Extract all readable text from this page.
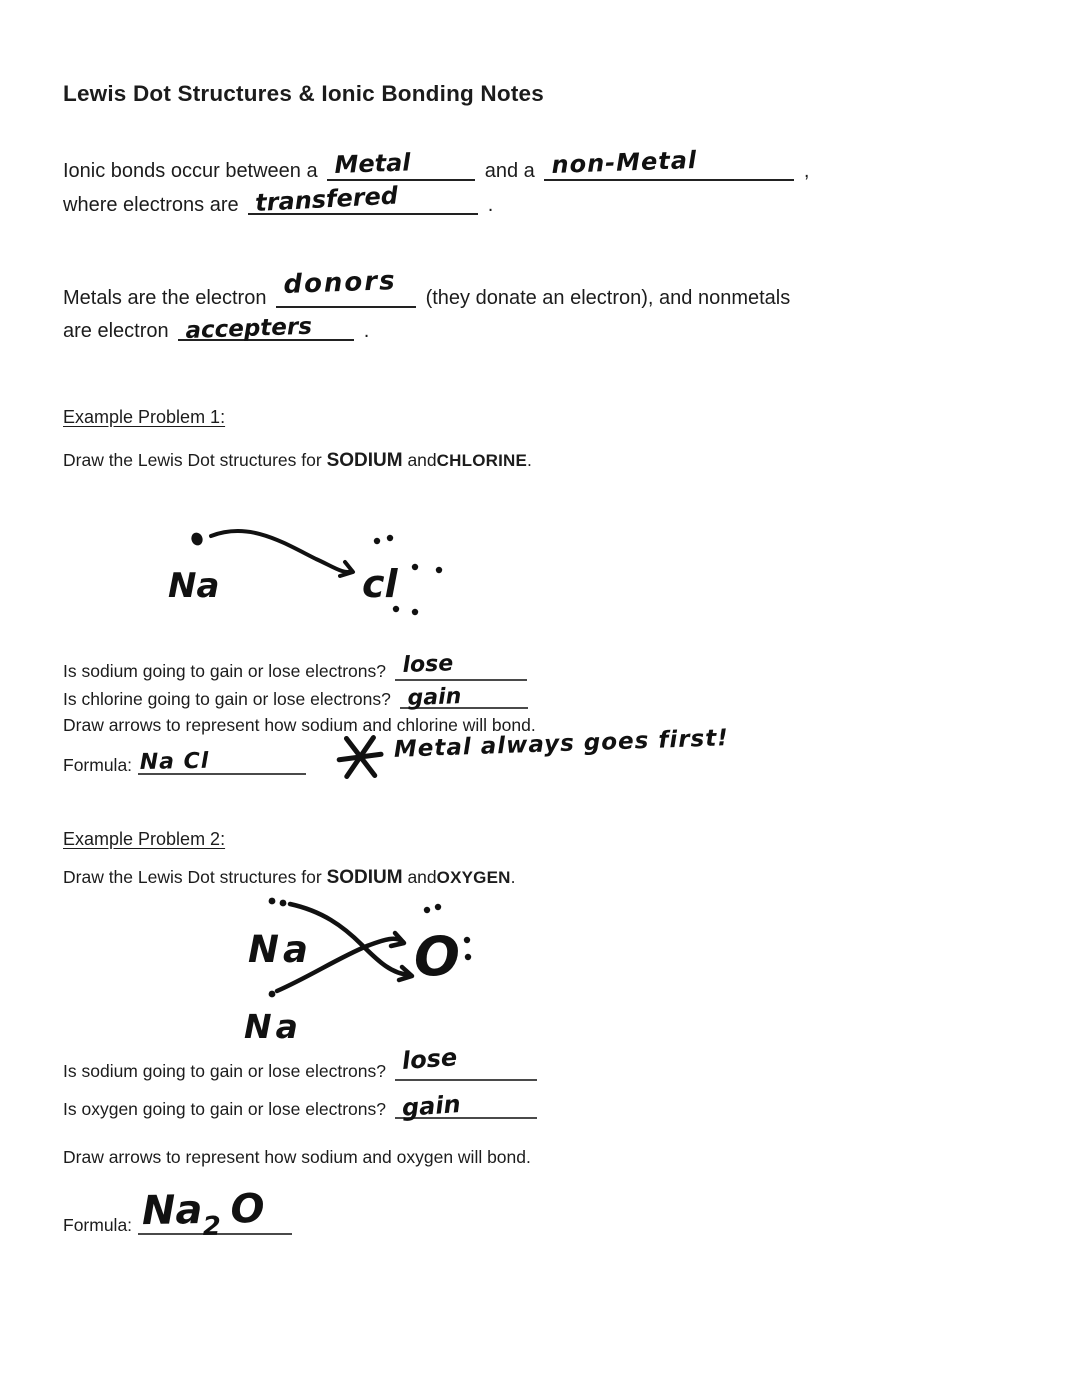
Lewis Dot Structures & Ionic Bonding Notes
Ionic bonds occur between a Metal	and a non-Metal	,
where electrons are transfered	.
Metals are the electron donors (they donate an electron), and nonmetals
are electron accepters	.
Example Problem 1:
Draw the Lewis Dot structures for SODIUM andCHLORINE.
Na	cl
Is sodium going to gain or lose electrons? lose
Is chlorine going to gain or lose electrons? gain
Draw arrows to represent how sodium and chlorine will bond.
Formula: Na Cl	Metal always goes first!
Example Problem 2:
Draw the Lewis Dot structures for SODIUM andOXYGEN.
Na
Na
O
Is sodium going to gain or lose electrons? lose
Is oxygen going to gain or lose electrons? gain
Draw arrows to represent how sodium and oxygen will bond.
Formula: $Na_2$ O
